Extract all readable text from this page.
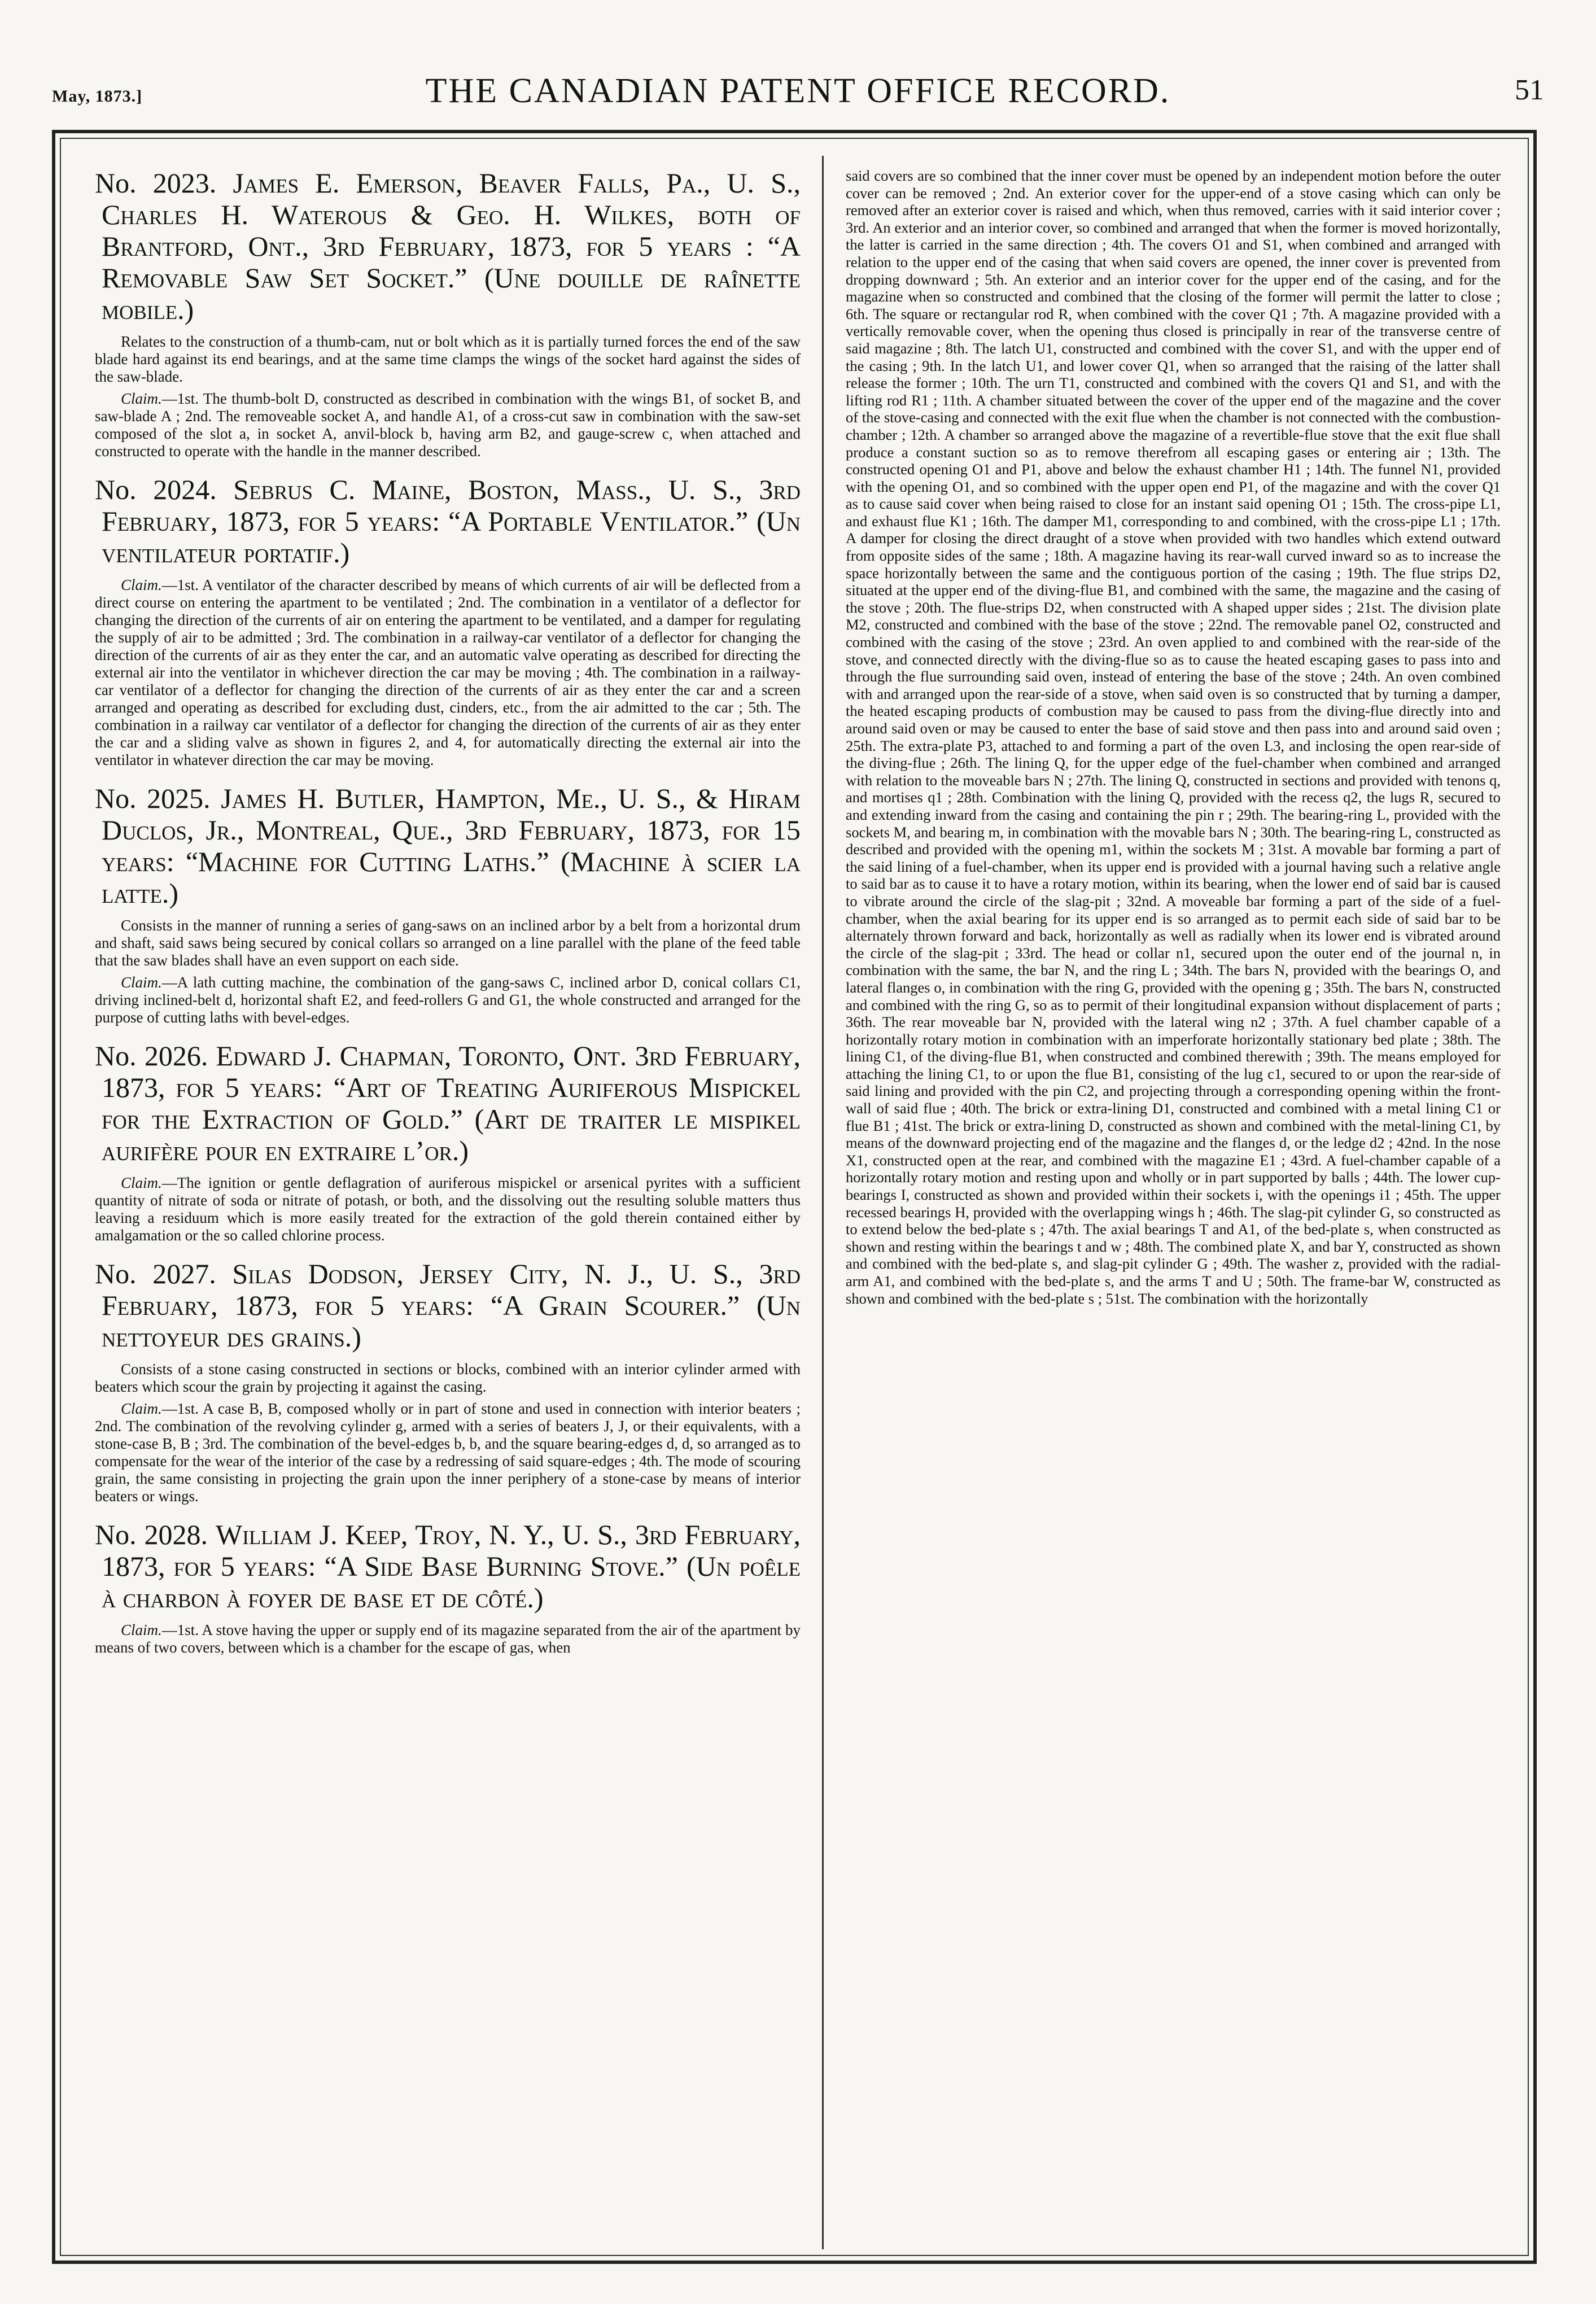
May, 1873.]	THE CANADIAN PATENT OFFICE RECORD.	51

No. 2023. James E. Emerson, Beaver Falls, Pa., U. S., Charles H. Waterous & Geo. H. Wilkes, both of Brantford, Ont., 3rd February, 1873, for 5 years : “A Removable Saw Set Socket.” (Une douille de raînette mobile.)

Relates to the construction of a thumb-cam, nut or bolt which as it is partially turned forces the end of the saw blade hard against its end bearings, and at the same time clamps the wings of the socket hard against the sides of the saw-blade.

Claim.—1st. The thumb-bolt D, constructed as described in combination with the wings B1, of socket B, and saw-blade A ; 2nd. The removeable socket A, and handle A1, of a cross-cut saw in combination with the saw-set composed of the slot a, in socket A, anvil-block b, having arm B2, and gauge-screw c, when attached and constructed to operate with the handle in the manner described.

No. 2024. Sebrus C. Maine, Boston, Mass., U. S., 3rd February, 1873, for 5 years: “A Portable Ventilator.” (Un ventilateur portatif.)

Claim.—1st. A ventilator of the character described by means of which currents of air will be deflected from a direct course on entering the apartment to be ventilated ; 2nd. The combination in a ventilator of a deflector for changing the direction of the currents of air on entering the apartment to be ventilated, and a damper for regulating the supply of air to be admitted ; 3rd. The combination in a railway-car ventilator of a deflector for changing the direction of the currents of air as they enter the car, and an automatic valve operating as described for directing the external air into the ventilator in whichever direction the car may be moving ; 4th. The combination in a railway-car ventilator of a deflector for changing the direction of the currents of air as they enter the car and a screen arranged and operating as described for excluding dust, cinders, etc., from the air admitted to the car ; 5th. The combination in a railway car ventilator of a deflector for changing the direction of the currents of air as they enter the car and a sliding valve as shown in figures 2, and 4, for automatically directing the external air into the ventilator in whatever direction the car may be moving.

No. 2025. James H. Butler, Hampton, Me., U. S., & Hiram Duclos, Jr., Montreal, Que., 3rd February, 1873, for 15 years: “Machine for Cutting Laths.” (Machine à scier la latte.)

Consists in the manner of running a series of gang-saws on an inclined arbor by a belt from a horizontal drum and shaft, said saws being secured by conical collars so arranged on a line parallel with the plane of the feed table that the saw blades shall have an even support on each side.

Claim.—A lath cutting machine, the combination of the gang-saws C, inclined arbor D, conical collars C1, driving inclined-belt d, horizontal shaft E2, and feed-rollers G and G1, the whole constructed and arranged for the purpose of cutting laths with bevel-edges.

No. 2026. Edward J. Chapman, Toronto, Ont. 3rd February, 1873, for 5 years: “Art of Treating Auriferous Mispickel for the Extraction of Gold.” (Art de traiter le mispikel aurifère pour en extraire l’or.)

Claim.—The ignition or gentle deflagration of auriferous mispickel or arsenical pyrites with a sufficient quantity of nitrate of soda or nitrate of potash, or both, and the dissolving out the resulting soluble matters thus leaving a residuum which is more easily treated for the extraction of the gold therein contained either by amalgamation or the so called chlorine process.

No. 2027. Silas Dodson, Jersey City, N. J., U. S., 3rd February, 1873, for 5 years: “A Grain Scourer.” (Un nettoyeur des grains.)

Consists of a stone casing constructed in sections or blocks, combined with an interior cylinder armed with beaters which scour the grain by projecting it against the casing.

Claim.—1st. A case B, B, composed wholly or in part of stone and used in connection with interior beaters ; 2nd. The combination of the revolving cylinder g, armed with a series of beaters J, J, or their equivalents, with a stone-case B, B ; 3rd. The combination of the bevel-edges b, b, and the square bearing-edges d, d, so arranged as to compensate for the wear of the interior of the case by a redressing of said square-edges ; 4th. The mode of scouring grain, the same consisting in projecting the grain upon the inner periphery of a stone-case by means of interior beaters or wings.

No. 2028. William J. Keep, Troy, N. Y., U. S., 3rd February, 1873, for 5 years: “A Side Base Burning Stove.” (Un poêle à charbon à foyer de base et de côté.)

Claim.—1st. A stove having the upper or supply end of its magazine separated from the air of the apartment by means of two covers, between which is a chamber for the escape of gas, when

said covers are so combined that the inner cover must be opened by an independent motion before the outer cover can be removed ; 2nd. An exterior cover for the upper-end of a stove casing which can only be removed after an exterior cover is raised and which, when thus removed, carries with it said interior cover ; 3rd. An exterior and an interior cover, so combined and arranged that when the former is moved horizontally, the latter is carried in the same direction ; 4th. The covers O1 and S1, when combined and arranged with relation to the upper end of the casing that when said covers are opened, the inner cover is prevented from dropping downward ; 5th. An exterior and an interior cover for the upper end of the casing, and for the magazine when so constructed and combined that the closing of the former will permit the latter to close ; 6th. The square or rectangular rod R, when combined with the cover Q1 ; 7th. A magazine provided with a vertically removable cover, when the opening thus closed is principally in rear of the transverse centre of said magazine ; 8th. The latch U1, constructed and combined with the cover S1, and with the upper end of the casing ; 9th. In the latch U1, and lower cover Q1, when so arranged that the raising of the latter shall release the former ; 10th. The urn T1, constructed and combined with the covers Q1 and S1, and with the lifting rod R1 ; 11th. A chamber situated between the cover of the upper end of the magazine and the cover of the stove-casing and connected with the exit flue when the chamber is not connected with the combustion-chamber ; 12th. A chamber so arranged above the magazine of a revertible-flue stove that the exit flue shall produce a constant suction so as to remove therefrom all escaping gases or entering air ; 13th. The constructed opening O1 and P1, above and below the exhaust chamber H1 ; 14th. The funnel N1, provided with the opening O1, and so combined with the upper open end P1, of the magazine and with the cover Q1 as to cause said cover when being raised to close for an instant said opening O1 ; 15th. The cross-pipe L1, and exhaust flue K1 ; 16th. The damper M1, corresponding to and combined, with the cross-pipe L1 ; 17th. A damper for closing the direct draught of a stove when provided with two handles which extend outward from opposite sides of the same ; 18th. A magazine having its rear-wall curved inward so as to increase the space horizontally between the same and the contiguous portion of the casing ; 19th. The flue strips D2, situated at the upper end of the diving-flue B1, and combined with the same, the magazine and the casing of the stove ; 20th. The flue-strips D2, when constructed with A shaped upper sides ; 21st. The division plate M2, constructed and combined with the base of the stove ; 22nd. The removable panel O2, constructed and combined with the casing of the stove ; 23rd. An oven applied to and combined with the rear-side of the stove, and connected directly with the diving-flue so as to cause the heated escaping gases to pass into and through the flue surrounding said oven, instead of entering the base of the stove ; 24th. An oven combined with and arranged upon the rear-side of a stove, when said oven is so constructed that by turning a damper, the heated escaping products of combustion may be caused to pass from the diving-flue directly into and around said oven or may be caused to enter the base of said stove and then pass into and around said oven ; 25th. The extra-plate P3, attached to and forming a part of the oven L3, and inclosing the open rear-side of the diving-flue ; 26th. The lining Q, for the upper edge of the fuel-chamber when combined and arranged with relation to the moveable bars N ; 27th. The lining Q, constructed in sections and provided with tenons q, and mortises q1 ; 28th. Combination with the lining Q, provided with the recess q2, the lugs R, secured to and extending inward from the casing and containing the pin r ; 29th. The bearing-ring L, provided with the sockets M, and bearing m, in combination with the movable bars N ; 30th. The bearing-ring L, constructed as described and provided with the opening m1, within the sockets M ; 31st. A movable bar forming a part of the said lining of a fuel-chamber, when its upper end is provided with a journal having such a relative angle to said bar as to cause it to have a rotary motion, within its bearing, when the lower end of said bar is caused to vibrate around the circle of the slag-pit ; 32nd. A moveable bar forming a part of the side of a fuel-chamber, when the axial bearing for its upper end is so arranged as to permit each side of said bar to be alternately thrown forward and back, horizontally as well as radially when its lower end is vibrated around the circle of the slag-pit ; 33rd. The head or collar n1, secured upon the outer end of the journal n, in combination with the same, the bar N, and the ring L ; 34th. The bars N, provided with the bearings O, and lateral flanges o, in combination with the ring G, provided with the opening g ; 35th. The bars N, constructed and combined with the ring G, so as to permit of their longitudinal expansion without displacement of parts ; 36th. The rear moveable bar N, provided with the lateral wing n2 ; 37th. A fuel chamber capable of a horizontally rotary motion in combination with an imperforate horizontally stationary bed plate ; 38th. The lining C1, of the diving-flue B1, when constructed and combined therewith ; 39th. The means employed for attaching the lining C1, to or upon the flue B1, consisting of the lug c1, secured to or upon the rear-side of said lining and provided with the pin C2, and projecting through a corresponding opening within the front-wall of said flue ; 40th. The brick or extra-lining D1, constructed and combined with a metal lining C1 or flue B1 ; 41st. The brick or extra-lining D, constructed as shown and combined with the metal-lining C1, by means of the downward projecting end of the magazine and the flanges d, or the ledge d2 ; 42nd. In the nose X1, constructed open at the rear, and combined with the magazine E1 ; 43rd. A fuel-chamber capable of a horizontally rotary motion and resting upon and wholly or in part supported by balls ; 44th. The lower cup-bearings I, constructed as shown and provided within their sockets i, with the openings i1 ; 45th. The upper recessed bearings H, provided with the overlapping wings h ; 46th. The slag-pit cylinder G, so constructed as to extend below the bed-plate s ; 47th. The axial bearings T and A1, of the bed-plate s, when constructed as shown and resting within the bearings t and w ; 48th. The combined plate X, and bar Y, constructed as shown and combined with the bed-plate s, and slag-pit cylinder G ; 49th. The washer z, provided with the radial-arm A1, and combined with the bed-plate s, and the arms T and U ; 50th. The frame-bar W, constructed as shown and combined with the bed-plate s ; 51st. The combination with the horizontally
